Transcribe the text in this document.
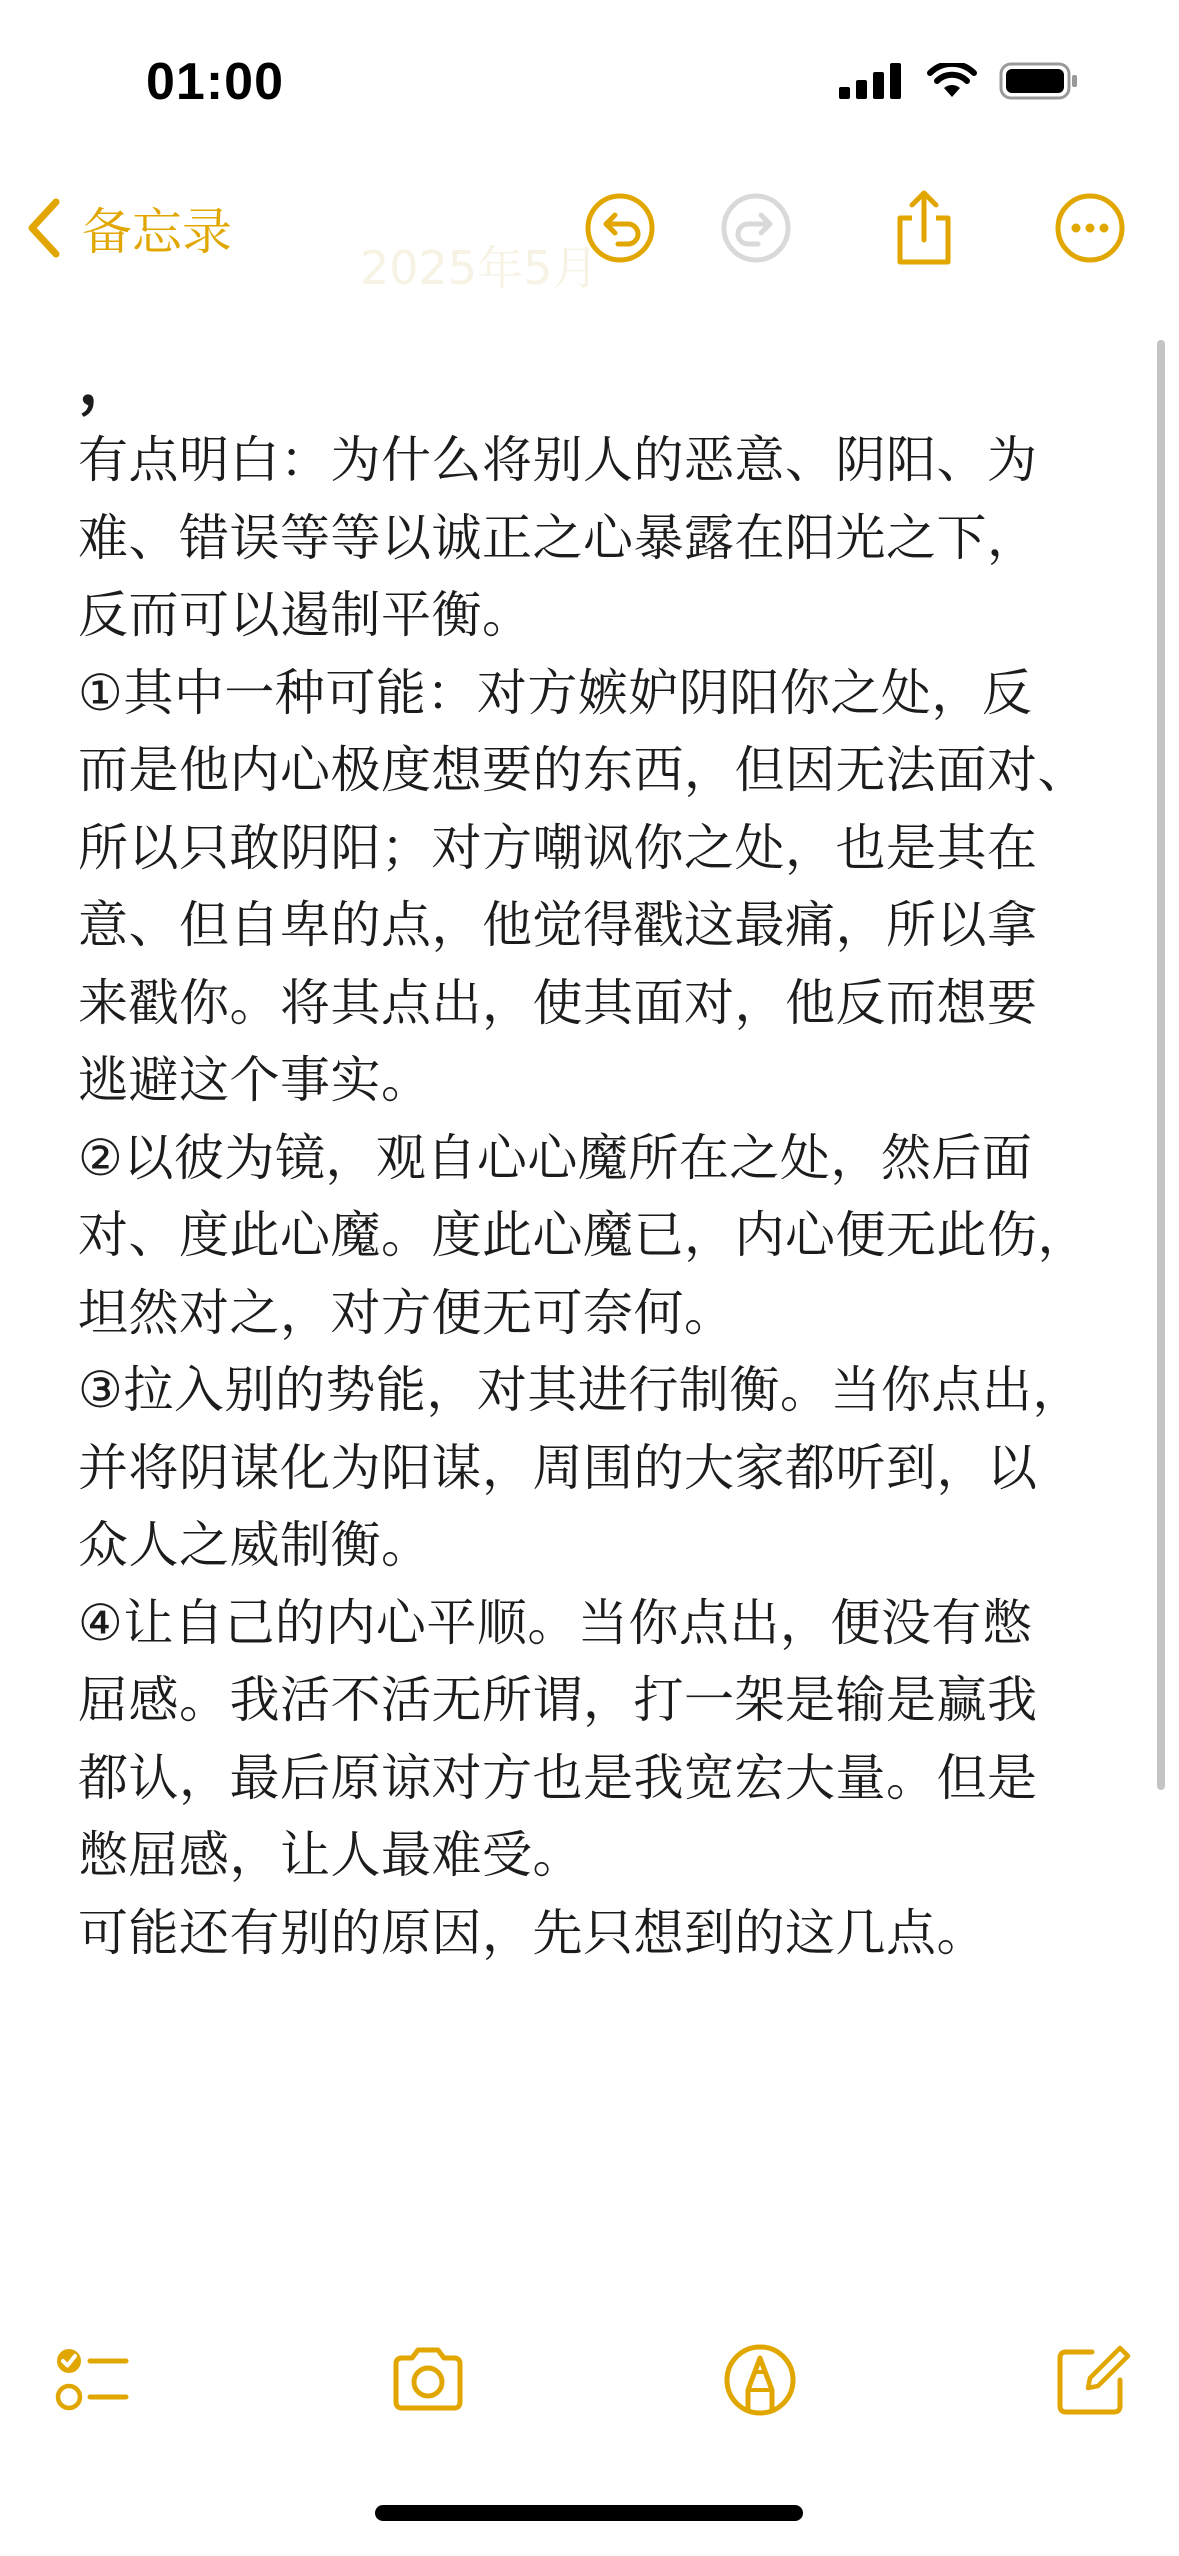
01:00
2025年5月
备忘录
，
有点明白：为什么将别人的恶意、阴阳、为
难、错误等等以诚正之心暴露在阳光之下，
反而可以遏制平衡。
①其中一种可能：对方嫉妒阴阳你之处，反
而是他内心极度想要的东西，但因无法面对、
所以只敢阴阳；对方嘲讽你之处，也是其在
意、但自卑的点，他觉得戳这最痛，所以拿
来戳你。将其点出，使其面对，他反而想要
逃避这个事实。
②以彼为镜，观自心心魔所在之处，然后面
对、度此心魔。度此心魔已，内心便无此伤，
坦然对之，对方便无可奈何。
③拉入别的势能，对其进行制衡。当你点出，
并将阴谋化为阳谋，周围的大家都听到，以
众人之威制衡。
④让自己的内心平顺。当你点出，便没有憋
屈感。我活不活无所谓，打一架是输是赢我
都认，最后原谅对方也是我宽宏大量。但是
憋屈感，让人最难受。
可能还有别的原因，先只想到的这几点。
